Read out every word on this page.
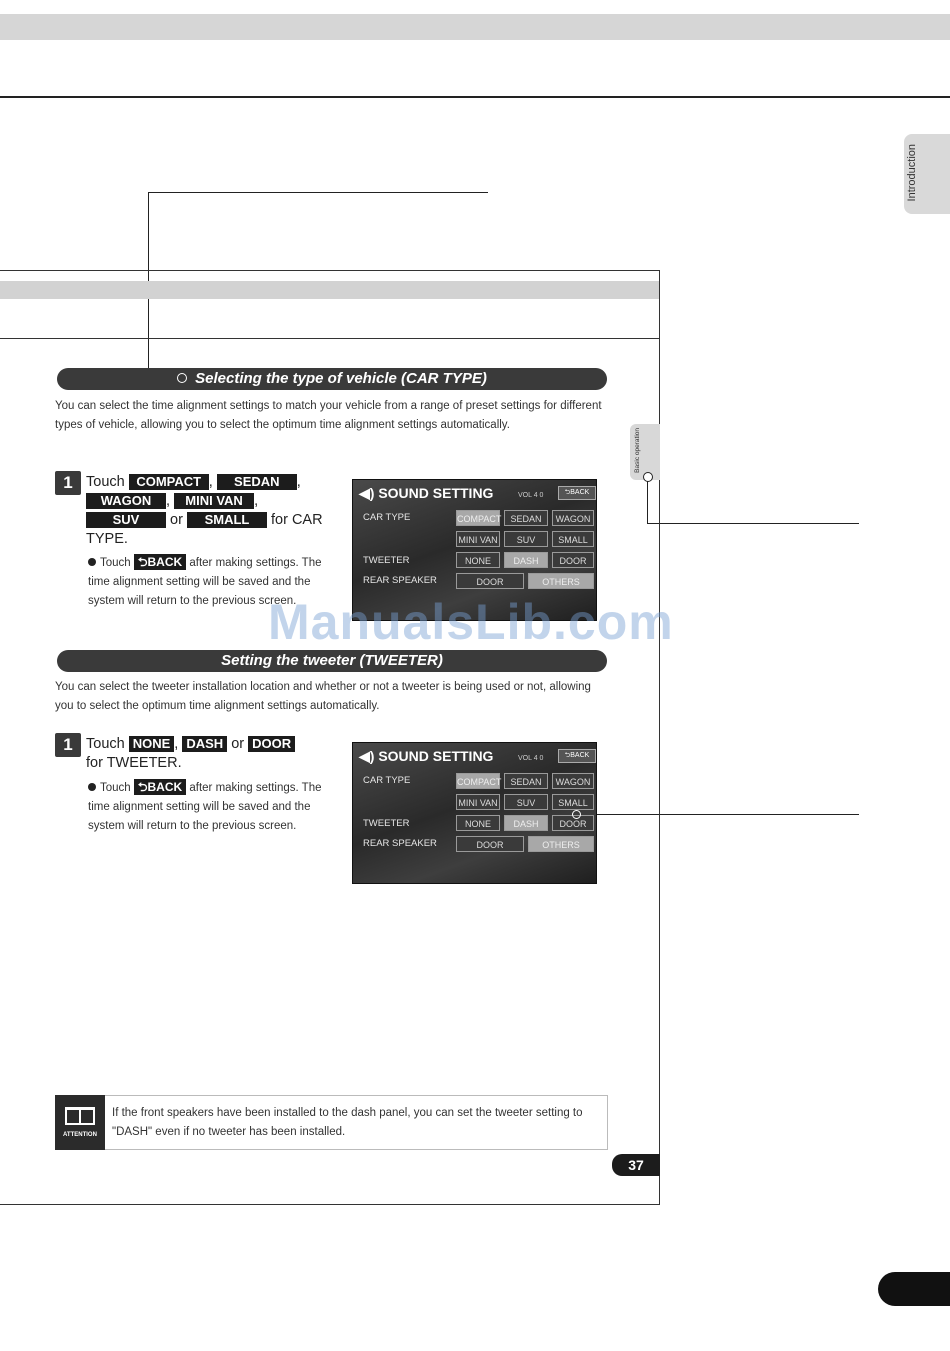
Introduction
Basic operation
Selecting the type of vehicle (CAR TYPE)
You can select the time alignment settings to match your vehicle from a range of preset settings for different types of vehicle, allowing you to select the optimum time alignment settings automatically.
1 Touch COMPACT , SEDAN ,
WAGON , MINI VAN ,
SUV or SMALL for CAR TYPE.
Touch ⮌BACK after making settings. The time alignment setting will be saved and the system will return to the previous screen.
◀) SOUND SETTING	VOL 4 0	⮌BACK
CAR TYPE	COMPACT	SEDAN	WAGON
MINI VAN	SUV	SMALL
TWEETER	NONE	DASH	DOOR
REAR SPEAKER	DOOR	OTHERS
Setting the tweeter (TWEETER)
You can select the tweeter installation location and whether or not a tweeter is being used or not, allowing you to select the optimum time alignment settings automatically.
1 Touch NONE , DASH or DOOR
for TWEETER.
Touch ⮌BACK after making settings. The time alignment setting will be saved and the system will return to the previous screen.
◀) SOUND SETTING	VOL 4 0	⮌BACK
CAR TYPE	COMPACT	SEDAN	WAGON
MINI VAN	SUV	SMALL
TWEETER	NONE	DASH	DOOR
REAR SPEAKER	DOOR	OTHERS
ATTENTION
If the front speakers have been installed to the dash panel, you can set the tweeter setting to "DASH" even if no tweeter has been installed.
37
ManualsLib.com
